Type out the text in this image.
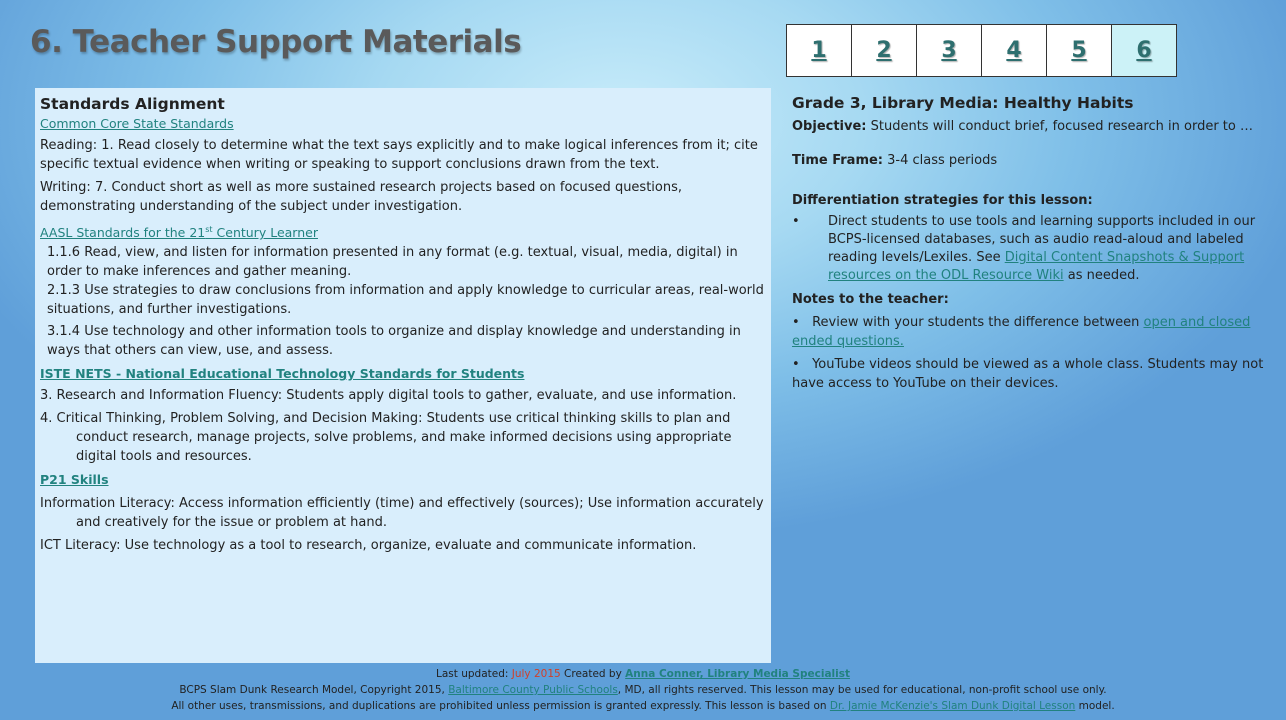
6. Teacher Support Materials	1	2	3	4	5	6
Standards Alignment
Common Core State Standards
Reading: 1. Read closely to determine what the text says explicitly and to make logical inferences from it; cite specific textual evidence when writing or speaking to support conclusions drawn from the text.
Writing: 7. Conduct short as well as more sustained research projects based on focused questions, demonstrating understanding of the subject under investigation.
AASL Standards for the 21st Century Learner
1.1.6 Read, view, and listen for information presented in any format (e.g. textual, visual, media, digital) in order to make inferences and gather meaning.
2.1.3 Use strategies to draw conclusions from information and apply knowledge to curricular areas, real-world situations, and further investigations.
3.1.4 Use technology and other information tools to organize and display knowledge and understanding in ways that others can view, use, and assess.
ISTE NETS - National Educational Technology Standards for Students
3. Research and Information Fluency: Students apply digital tools to gather, evaluate, and use information.
4. Critical Thinking, Problem Solving, and Decision Making: Students use critical thinking skills to plan and conduct research, manage projects, solve problems, and make informed decisions using appropriate digital tools and resources.
P21 Skills
Information Literacy: Access information efficiently (time) and effectively (sources); Use information accurately and creatively for the issue or problem at hand.
ICT Literacy: Use technology as a tool to research, organize, evaluate and communicate information.
Grade 3, Library Media: Healthy Habits
Objective: Students will conduct brief, focused research in order to …
Time Frame: 3-4 class periods
Differentiation strategies for this lesson:
•	Direct students to use tools and learning supports included in our BCPS-licensed databases, such as audio read-aloud and labeled reading levels/Lexiles. See Digital Content Snapshots & Support resources on the ODL Resource Wiki as needed.
Notes to the teacher:
• Review with your students the difference between open and closed ended questions.
• YouTube videos should be viewed as a whole class. Students may not have access to YouTube on their devices.
Last updated: July 2015 Created by Anna Conner, Library Media Specialist
BCPS Slam Dunk Research Model, Copyright 2015, Baltimore County Public Schools, MD, all rights reserved. This lesson may be used for educational, non-profit school use only.
All other uses, transmissions, and duplications are prohibited unless permission is granted expressly. This lesson is based on Dr. Jamie McKenzie's Slam Dunk Digital Lesson model.
